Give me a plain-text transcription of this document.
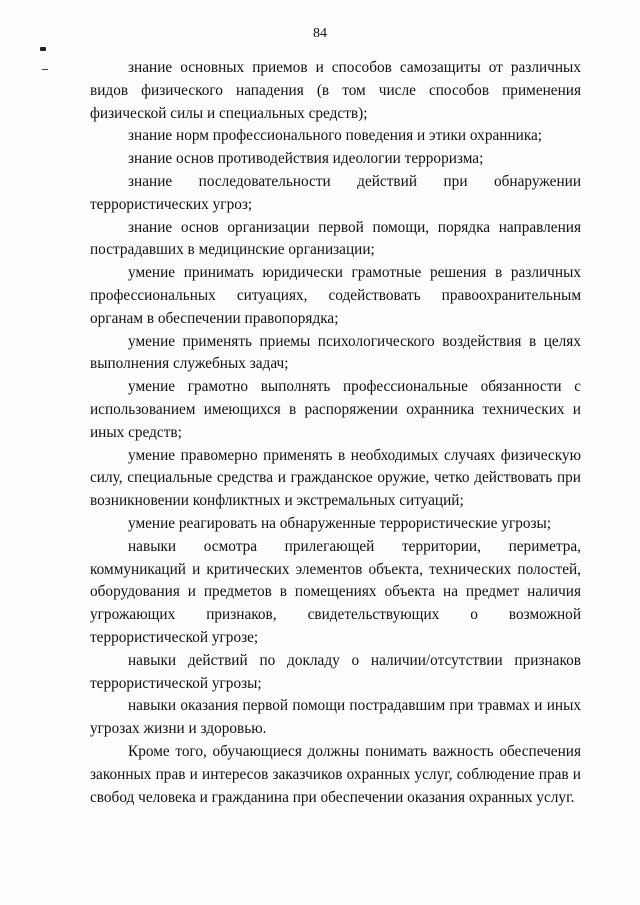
84

знание основных приемов и способов самозащиты от различных видов физического нападения (в том числе способов применения физической силы и специальных средств);

знание норм профессионального поведения и этики охранника;

знание основ противодействия идеологии терроризма;

знание последовательности действий при обнаружении террористических угроз;

знание основ организации первой помощи, порядка направления пострадавших в медицинские организации;

умение принимать юридически грамотные решения в различных профессиональных ситуациях, содействовать правоохранительным органам в обеспечении правопорядка;

умение применять приемы психологического воздействия в целях выполнения служебных задач;

умение грамотно выполнять профессиональные обязанности с использованием имеющихся в распоряжении охранника технических и иных средств;

умение правомерно применять в необходимых случаях физическую силу, специальные средства и гражданское оружие, четко действовать при возникновении конфликтных и экстремальных ситуаций;

умение реагировать на обнаруженные террористические угрозы;

навыки осмотра прилегающей территории, периметра, коммуникаций и критических элементов объекта, технических полостей, оборудования и предметов в помещениях объекта на предмет наличия угрожающих признаков, свидетельствующих о возможной террористической угрозе;

навыки действий по докладу о наличии/отсутствии признаков террористической угрозы;

навыки оказания первой помощи пострадавшим при травмах и иных угрозах жизни и здоровью.

Кроме того, обучающиеся должны понимать важность обеспечения законных прав и интересов заказчиков охранных услуг, соблюдение прав и свобод человека и гражданина при обеспечении оказания охранных услуг.
